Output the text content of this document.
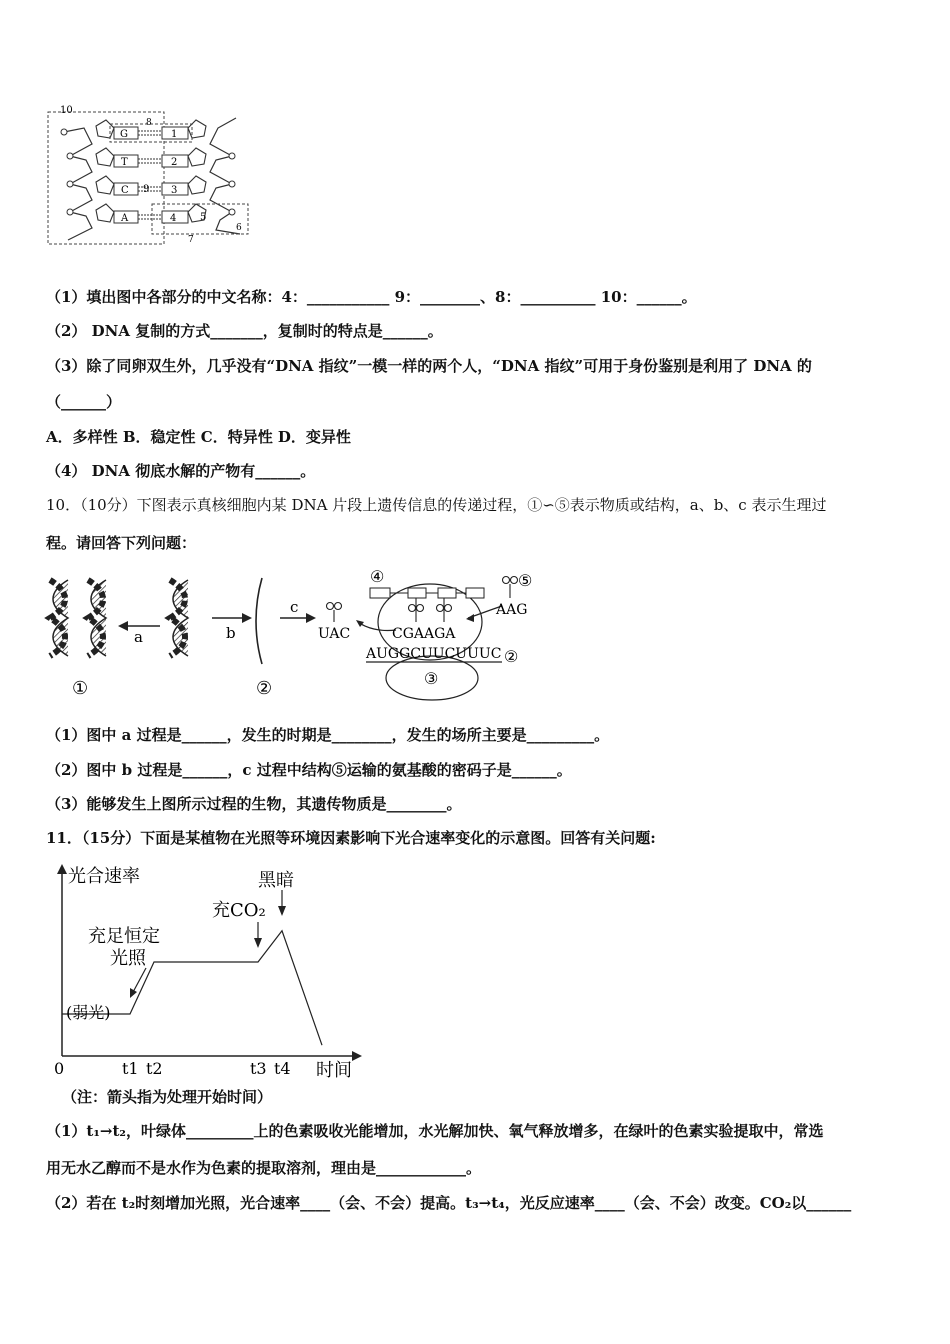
10
G
T
C
A
8
9
7
6
5
4
3
2
1
（1）填出图中各部分的中文名称：4：___________ 9：________、8：__________ 10：______。
（2） DNA 复制的方式_______，复制时的特点是______。
（3）除了同卵双生外，几乎没有“DNA 指纹”一模一样的两个人，“DNA 指纹”可用于身份鉴别是利用了 DNA 的
（______）
A．多样性 B．稳定性 C．特异性 D．变异性
（4） DNA 彻底水解的产物有______。
10．（10分）下图表示真核细胞内某 DNA 片段上遗传信息的传递过程，①∽⑤表示物质或结构，a、b、c 表示生理过
程。请回答下列问题：
a	b
②
①
c
④
UAC	CGAAGA
AAG
⑤
AUGGCUUCUUUC ②
③
（1）图中 a 过程是______，发生的时期是________，发生的场所主要是_________。
（2）图中 b 过程是______，c 过程中结构⑤运输的氨基酸的密码子是______。
（3）能够发生上图所示过程的生物，其遗传物质是________。
11．（15分）下面是某植物在光照等环境因素影响下光合速率变化的示意图。回答有关问题:
光合速率
时间
0	t1 t2	t3 t4
(弱光)
充足恒定
光照
充CO₂
黑暗
（注：箭头指为处理开始时间）
（1）t₁→t₂，叶绿体_________上的色素吸收光能增加，水光解加快、氧气释放增多，在绿叶的色素实验提取中，常选
用无水乙醇而不是水作为色素的提取溶剂，理由是____________。
（2）若在 t₂时刻增加光照，光合速率____（会、不会）提高。t₃→t₄，光反应速率____（会、不会）改变。CO₂以______
